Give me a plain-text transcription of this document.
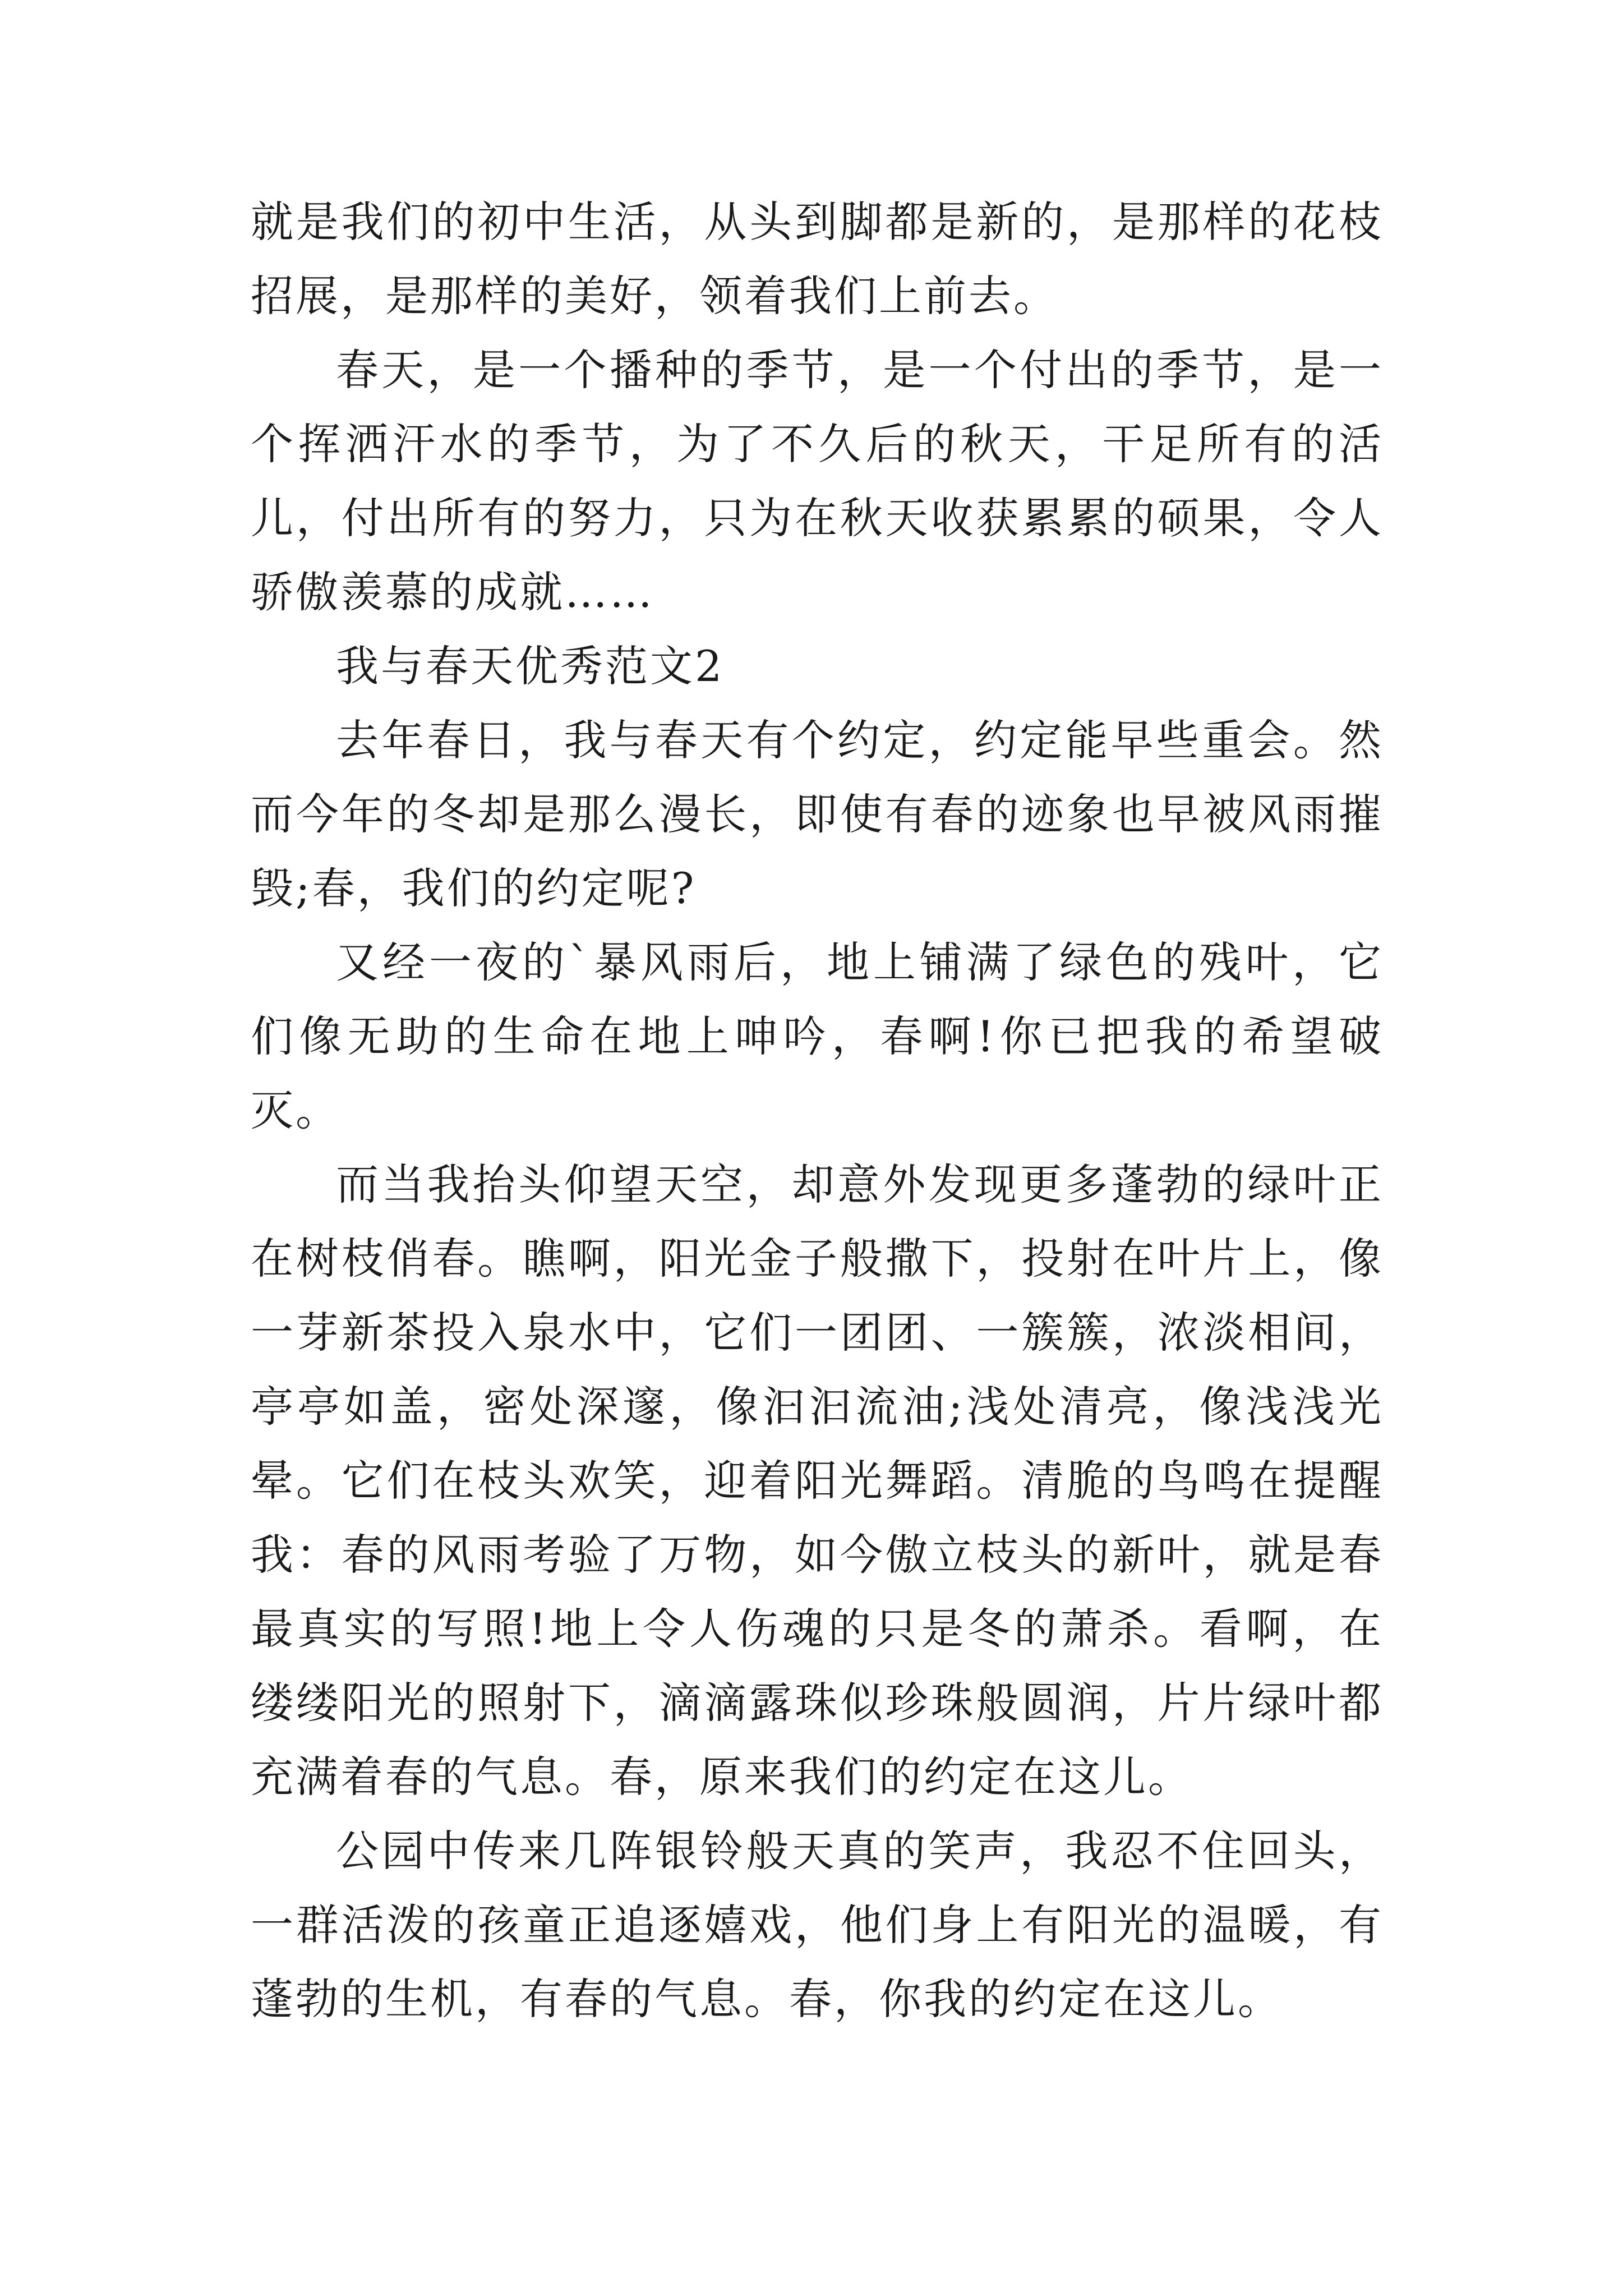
就是我们的初中生活，从头到脚都是新的，是那样的花枝招展，是那样的美好，领着我们上前去。

春天，是一个播种的季节，是一个付出的季节，是一个挥洒汗水的季节，为了不久后的秋天，干足所有的活儿，付出所有的努力，只为在秋天收获累累的硕果，令人骄傲羡慕的成就……

我与春天优秀范文2

去年春日，我与春天有个约定，约定能早些重会。然而今年的冬却是那么漫长，即使有春的迹象也早被风雨摧毁;春，我们的约定呢?

又经一夜的`暴风雨后，地上铺满了绿色的残叶，它们像无助的生命在地上呻吟，春啊!你已把我的希望破灭。

而当我抬头仰望天空，却意外发现更多蓬勃的绿叶正在树枝俏春。瞧啊，阳光金子般撒下，投射在叶片上，像一芽新茶投入泉水中，它们一团团、一簇簇，浓淡相间，亭亭如盖，密处深邃，像汩汩流油;浅处清亮，像浅浅光晕。它们在枝头欢笑，迎着阳光舞蹈。清脆的鸟鸣在提醒我：春的风雨考验了万物，如今傲立枝头的新叶，就是春最真实的写照!地上令人伤魂的只是冬的萧杀。看啊，在缕缕阳光的照射下，滴滴露珠似珍珠般圆润，片片绿叶都充满着春的气息。春，原来我们的约定在这儿。

公园中传来几阵银铃般天真的笑声，我忍不住回头，一群活泼的孩童正追逐嬉戏，他们身上有阳光的温暖，有蓬勃的生机，有春的气息。春，你我的约定在这儿。
